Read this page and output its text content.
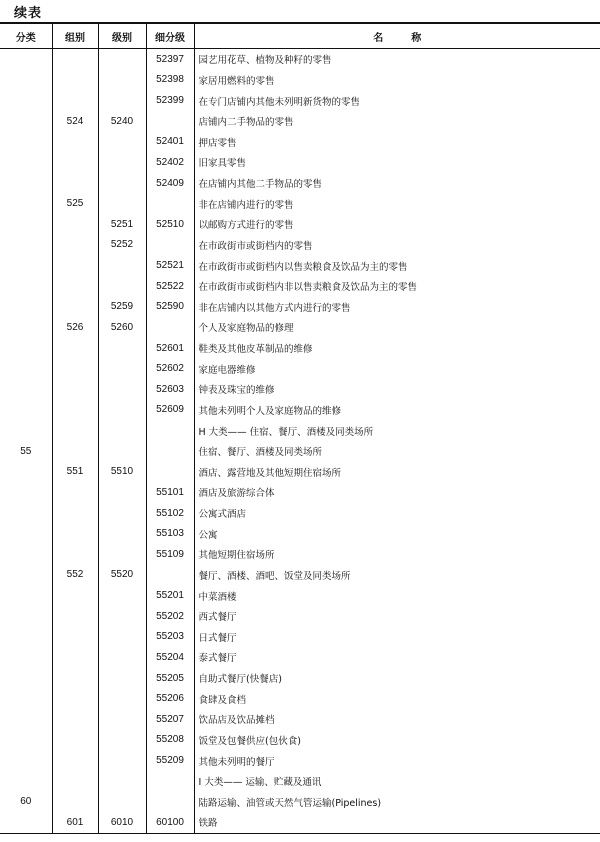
续表
分类	组别	级别	细分级	名称
			52397	园艺用花草、植物及种籽的零售
			52398	家居用燃料的零售
			52399	在专门店铺内其他未列明新货物的零售
	524	5240		店铺内二手物品的零售
			52401	押店零售
			52402	旧家具零售
			52409	在店铺内其他二手物品的零售
	525			非在店铺内进行的零售
		5251	52510	以邮购方式进行的零售
		5252		在市政街市或街档内的零售
			52521	在市政街市或街档内以售卖粮食及饮品为主的零售
			52522	在市政街市或街档内非以售卖粮食及饮品为主的零售
		5259	52590	非在店铺内以其他方式内进行的零售
	526	5260		个人及家庭物品的修理
			52601	鞋类及其他皮革制品的维修
			52602	家庭电器维修
			52603	钟表及珠宝的维修
			52609	其他未列明个人及家庭物品的维修
				H 大类—— 住宿、餐厅、酒楼及同类场所
55				住宿、餐厅、酒楼及同类场所
	551	5510		酒店、露营地及其他短期住宿场所
			55101	酒店及旅游综合体
			55102	公寓式酒店
			55103	公寓
			55109	其他短期住宿场所
	552	5520		餐厅、酒楼、酒吧、饭堂及同类场所
			55201	中菜酒楼
			55202	西式餐厅
			55203	日式餐厅
			55204	泰式餐厅
			55205	自助式餐厅(快餐店)
			55206	食肆及食档
			55207	饮品店及饮品摊档
			55208	饭堂及包餐供应(包伙食)
			55209	其他未列明的餐厅
				I 大类—— 运输、贮藏及通讯
60				陆路运输、油管或天然气管运输(Pipelines)
	601	6010	60100	铁路
